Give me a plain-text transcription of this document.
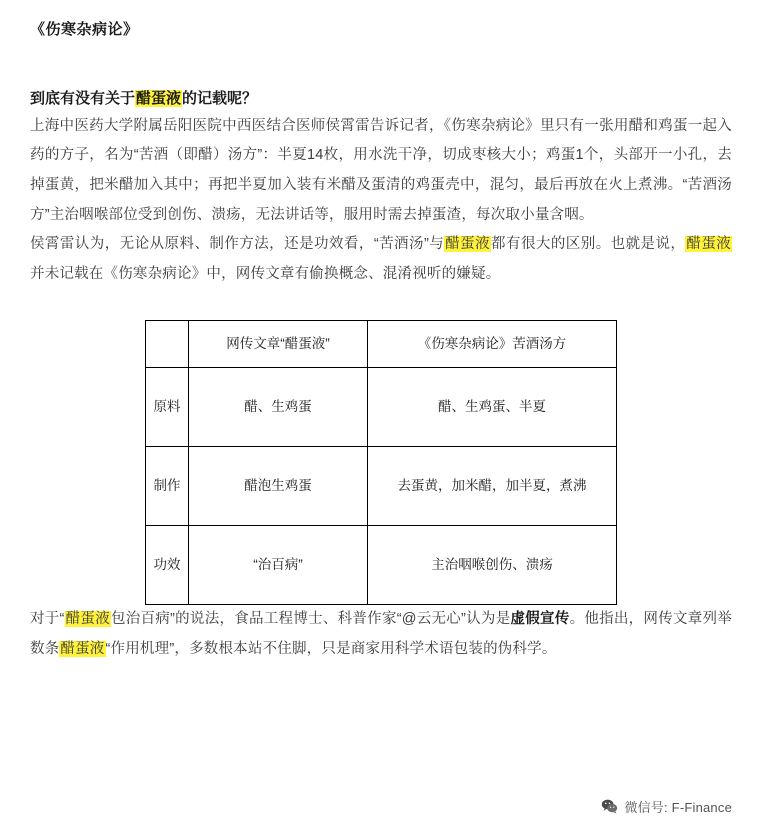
《伤寒杂病论》
到底有没有关于醋蛋液的记载呢？

上海中医药大学附属岳阳医院中西医结合医师侯霄雷告诉记者，《伤寒杂病论》里只有一张用醋和鸡蛋一起入药的方子，名为“苦酒（即醋）汤方”：半夏14枚，用水洗干净，切成枣核大小；鸡蛋1个，头部开一小孔，去掉蛋黄，把米醋加入其中；再把半夏加入装有米醋及蛋清的鸡蛋壳中，混匀，最后再放在火上煮沸。“苦酒汤方”主治咽喉部位受到创伤、溃疡，无法讲话等，服用时需去掉蛋渣，每次取小量含咽。

侯霄雷认为，无论从原料、制作方法，还是功效看，“苦酒汤”与醋蛋液都有很大的区别。也就是说，醋蛋液并未记载在《伤寒杂病论》中，网传文章有偷换概念、混淆视听的嫌疑。

	网传文章“醋蛋液”	《伤寒杂病论》苦酒汤方
原料	醋、生鸡蛋	醋、生鸡蛋、半夏
制作	醋泡生鸡蛋	去蛋黄，加米醋，加半夏，煮沸
功效	“治百病”	主治咽喉创伤、溃疡

对于“醋蛋液包治百病”的说法，食品工程博士、科普作家“@云无心”认为是虚假宣传。他指出，网传文章列举数条醋蛋液“作用机理”，多数根本站不住脚，只是商家用科学术语包装的伪科学。

微信号: F-Finance
